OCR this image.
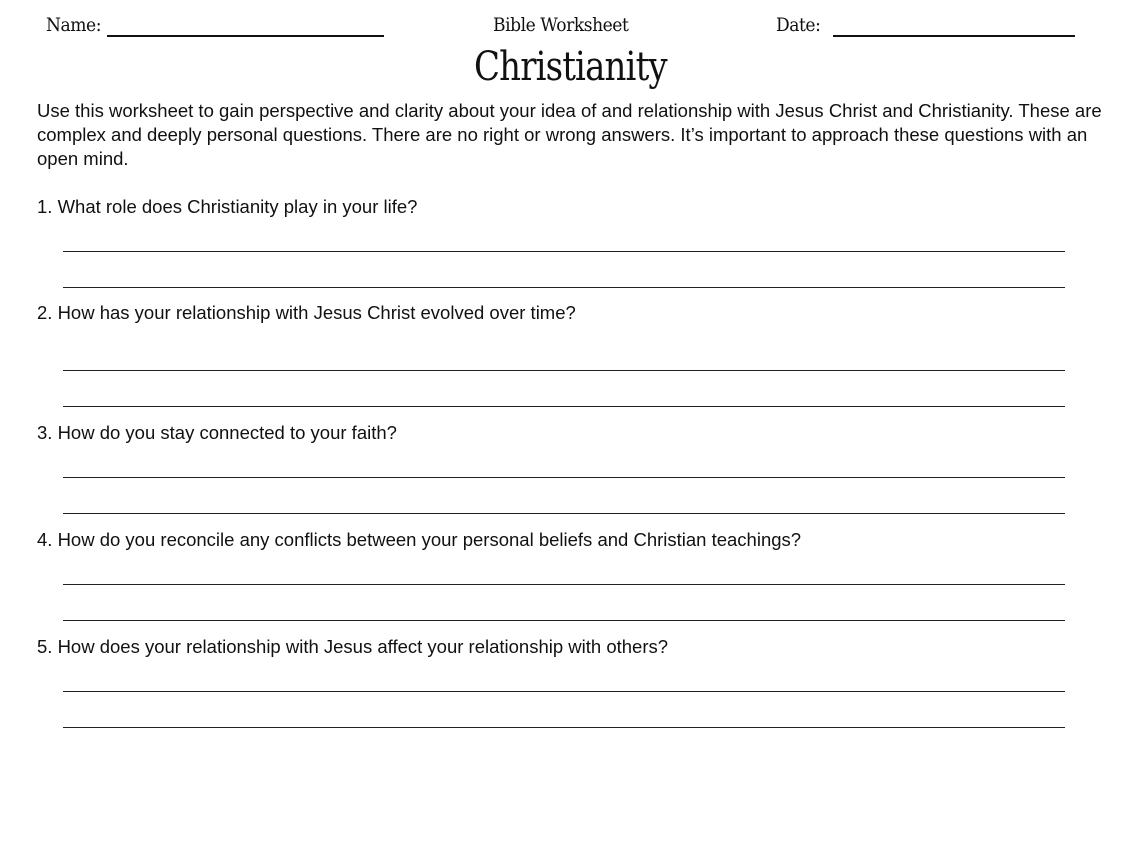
Name:	Bible Worksheet	Date:
Christianity
Use this worksheet to gain perspective and clarity about your idea of and relationship with Jesus Christ and Christianity. These are complex and deeply personal questions. There are no right or wrong answers. It’s important to approach these questions with an open mind.
1. What role does Christianity play in your life?
2. How has your relationship with Jesus Christ evolved over time?
3. How do you stay connected to your faith?
4. How do you reconcile any conflicts between your personal beliefs and Christian teachings?
5. How does your relationship with Jesus affect your relationship with others?
